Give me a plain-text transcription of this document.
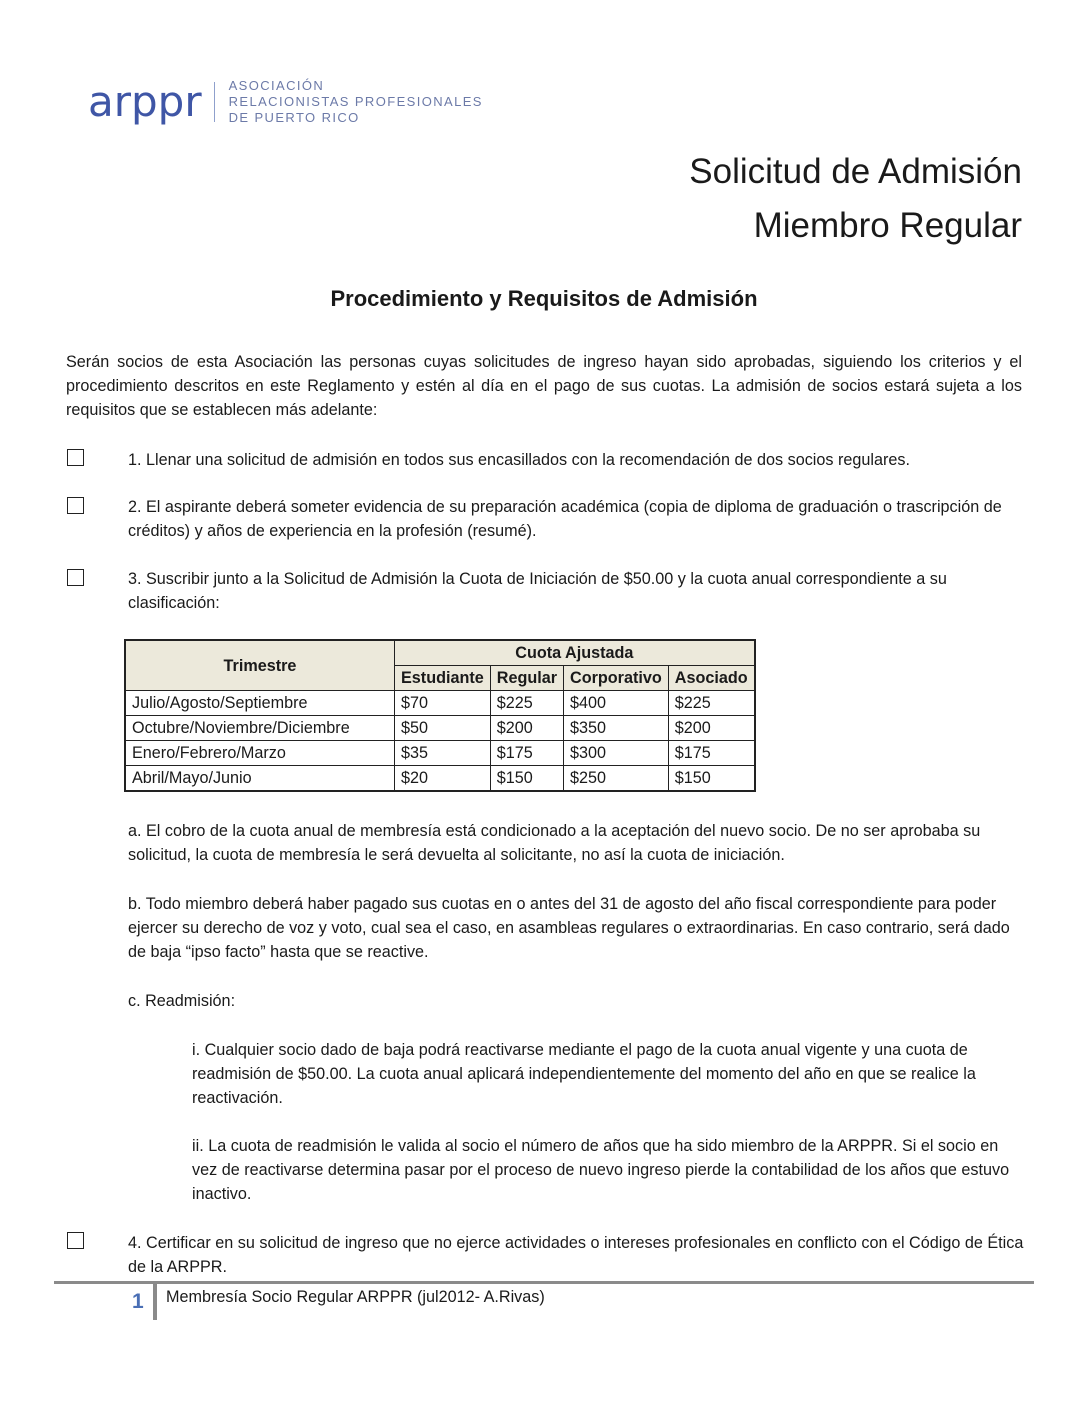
arppr ASOCIACIÓN
RELACIONISTAS PROFESIONALES
DE PUERTO RICO
Solicitud de Admisión
Miembro Regular
Procedimiento y Requisitos de Admisión

Serán socios de esta Asociación las personas cuyas solicitudes de ingreso hayan sido aprobadas, siguiendo los criterios y el procedimiento descritos en este Reglamento y estén al día en el pago de sus cuotas. La admisión de socios estará sujeta a los requisitos que se establecen más adelante:

1. Llenar una solicitud de admisión en todos sus encasillados con la recomendación de dos socios regulares.

2. El aspirante deberá someter evidencia de su preparación académica (copia de diploma de graduación o trascripción de créditos) y años de experiencia en la profesión (resumé).

3. Suscribir junto a la Solicitud de Admisión la Cuota de Iniciación de $50.00 y la cuota anual correspondiente a su clasificación:

Trimestre	Cuota Ajustada			
	Estudiante	Regular	Corporativo	Asociado
Julio/Agosto/Septiembre	$70	$225	$400	$225
Octubre/Noviembre/Diciembre	$50	$200	$350	$200
Enero/Febrero/Marzo	$35	$175	$300	$175
Abril/Mayo/Junio	$20	$150	$250	$150

a. El cobro de la cuota anual de membresía está condicionado a la aceptación del nuevo socio. De no ser aprobaba su solicitud, la cuota de membresía le será devuelta al solicitante, no así la cuota de iniciación.

b. Todo miembro deberá haber pagado sus cuotas en o antes del 31 de agosto del año fiscal correspondiente para poder ejercer su derecho de voz y voto, cual sea el caso, en asambleas regulares o extraordinarias. En caso contrario, será dado de baja “ipso facto” hasta que se reactive.

c. Readmisión:

i. Cualquier socio dado de baja podrá reactivarse mediante el pago de la cuota anual vigente y una cuota de readmisión de $50.00. La cuota anual aplicará independientemente del momento del año en que se realice la reactivación.

ii. La cuota de readmisión le valida al socio el número de años que ha sido miembro de la ARPPR. Si el socio en vez de reactivarse determina pasar por el proceso de nuevo ingreso pierde la contabilidad de los años que estuvo inactivo.

4. Certificar en su solicitud de ingreso que no ejerce actividades o intereses profesionales en conflicto con el Código de Ética de la ARPPR.

1 Membresía Socio Regular ARPPR (jul2012- A.Rivas)
